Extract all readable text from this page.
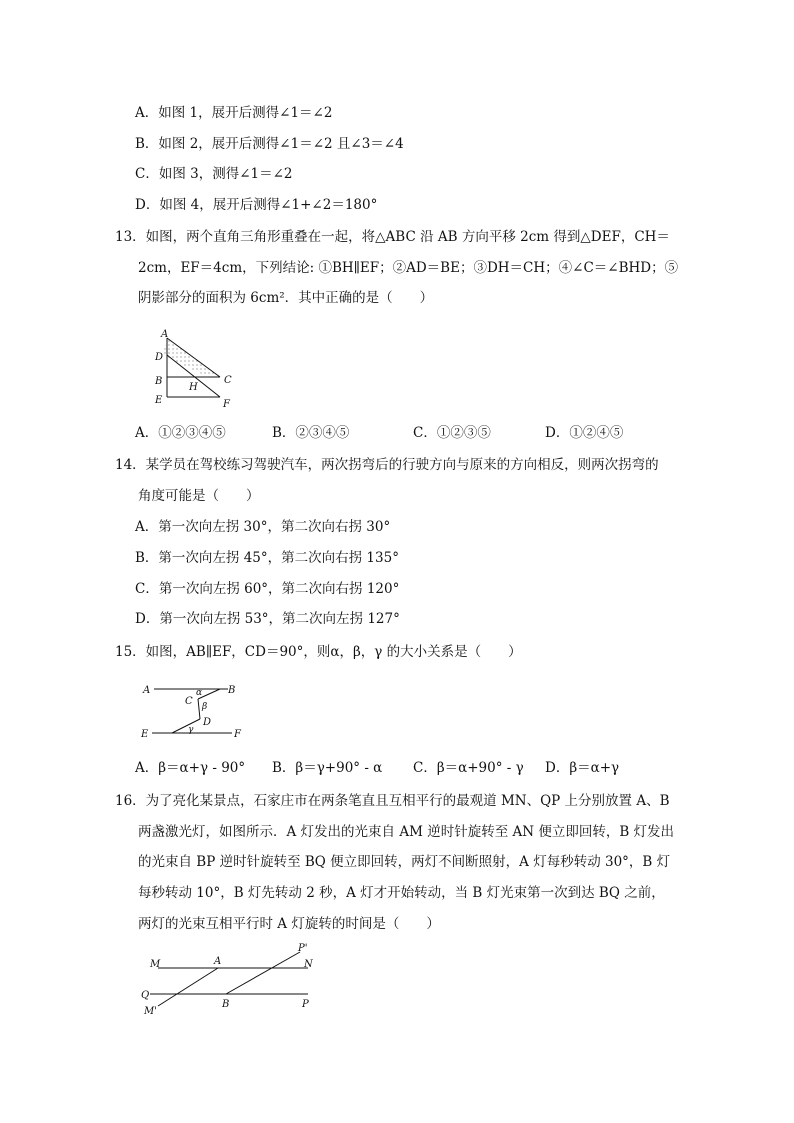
A．如图 1，展开后测得∠1＝∠2
B．如图 2，展开后测得∠1＝∠2 且∠3＝∠4
C．如图 3，测得∠1＝∠2
D．如图 4，展开后测得∠1+∠2＝180°
13．如图，两个直角三角形重叠在一起，将△ABC 沿 AB 方向平移 2cm 得到△DEF，CH＝
2cm，EF＝4cm，下列结论: ①BH∥EF；②AD＝BE；③DH＝CH；④∠C＝∠BHD；⑤
阴影部分的面积为 6cm²．其中正确的是（　　）
A
D
B
E
H
C
F
A．①②③④⑤	B．②③④⑤	C．①②③⑤	D．①②④⑤
14．某学员在驾校练习驾驶汽车，两次拐弯后的行驶方向与原来的方向相反，则两次拐弯的
角度可能是（　　）
A．第一次向左拐 30°，第二次向右拐 30°
B．第一次向左拐 45°，第二次向右拐 135°
C．第一次向左拐 60°，第二次向右拐 120°
D．第一次向左拐 53°，第二次向左拐 127°
15．如图，AB∥EF，CD＝90°，则α，β，γ 的大小关系是（　　）
A	B
α
C β
D
γ
E	F
A．β＝α+γ - 90° B．β＝γ+90° - α C．β＝α+90° - γ D．β＝α+γ
16．为了亮化某景点，石家庄市在两条笔直且互相平行的最观道 MN、QP 上分别放置 A、B
两盏激光灯，如图所示．A 灯发出的光束自 AM 逆时针旋转至 AN 便立即回转，B 灯发出
的光束自 BP 逆时针旋转至 BQ 便立即回转，两灯不间断照射，A 灯每秒转动 30°，B 灯
每秒转动 10°，B 灯先转动 2 秒，A 灯才开始转动，当 B 灯光束第一次到达 BQ 之前，
两灯的光束互相平行时 A 灯旋转的时间是（　　）
M	A	N
P'
Q
B	P
M'
